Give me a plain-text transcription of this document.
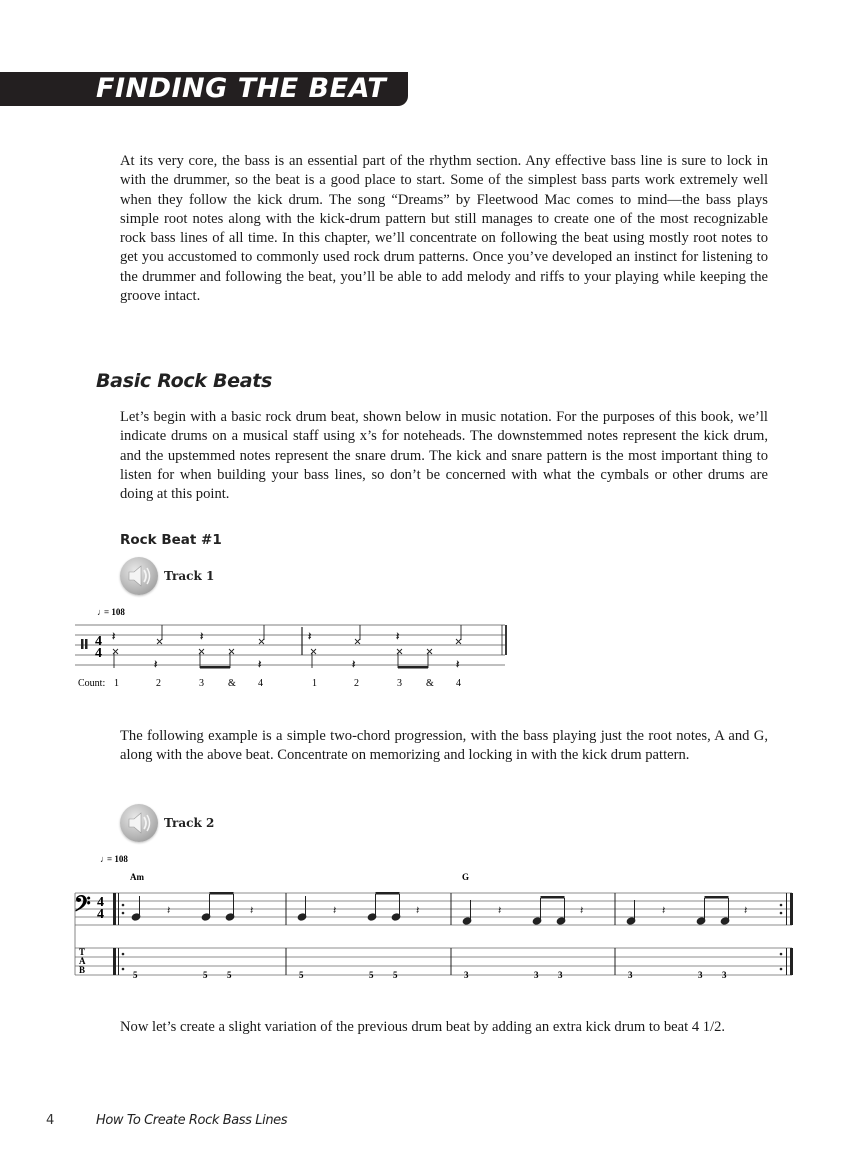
FINDING THE BEAT

At its very core, the bass is an essential part of the rhythm section. Any effective bass line is sure to lock in with the drummer, so the beat is a good place to start. Some of the simplest bass parts work extremely well when they follow the kick drum. The song “Dreams” by Fleetwood Mac comes to mind—the bass plays simple root notes along with the kick-drum pattern but still manages to create one of the most recognizable rock bass lines of all time. In this chapter, we’ll concentrate on following the beat using mostly root notes to get you accustomed to commonly used rock drum patterns. Once you’ve developed an instinct for listening to the drummer and following the beat, you’ll be able to add melody and riffs to your playing while keeping the groove intact.

Basic Rock Beats

Let’s begin with a basic rock drum beat, shown below in music notation. For the purposes of this book, we’ll indicate drums on a musical staff using x’s for noteheads. The downstemmed notes represent the kick drum, and the upstemmed notes represent the snare drum. The kick and snare pattern is the most important thing to listen for when building your bass lines, so don’t be concerned with what the cymbals or other drums are doing at this point.

Rock Beat #1
Track 1
♩
= 108
4
4
𝄽	𝄽	𝄽	𝄽
𝄽	𝄽	𝄽	𝄽
Count: 1	2	3 & 4	1	2	3 & 4

The following example is a simple two-chord progression, with the bass playing just the root notes, A and G, along with the above beat. Concentrate on memorizing and locking in with the kick drum pattern.

Track 2
♩
= 108
Am	G
𝄢 4
4
T
A
B
𝄽	𝄽	𝄽	𝄽	𝄽	𝄽	𝄽	𝄽
5	5 5	5	5 5	3	3 3	3	3 3

Now let’s create a slight variation of the previous drum beat by adding an extra kick drum to beat 4 1/2.

4	How To Create Rock Bass Lines
